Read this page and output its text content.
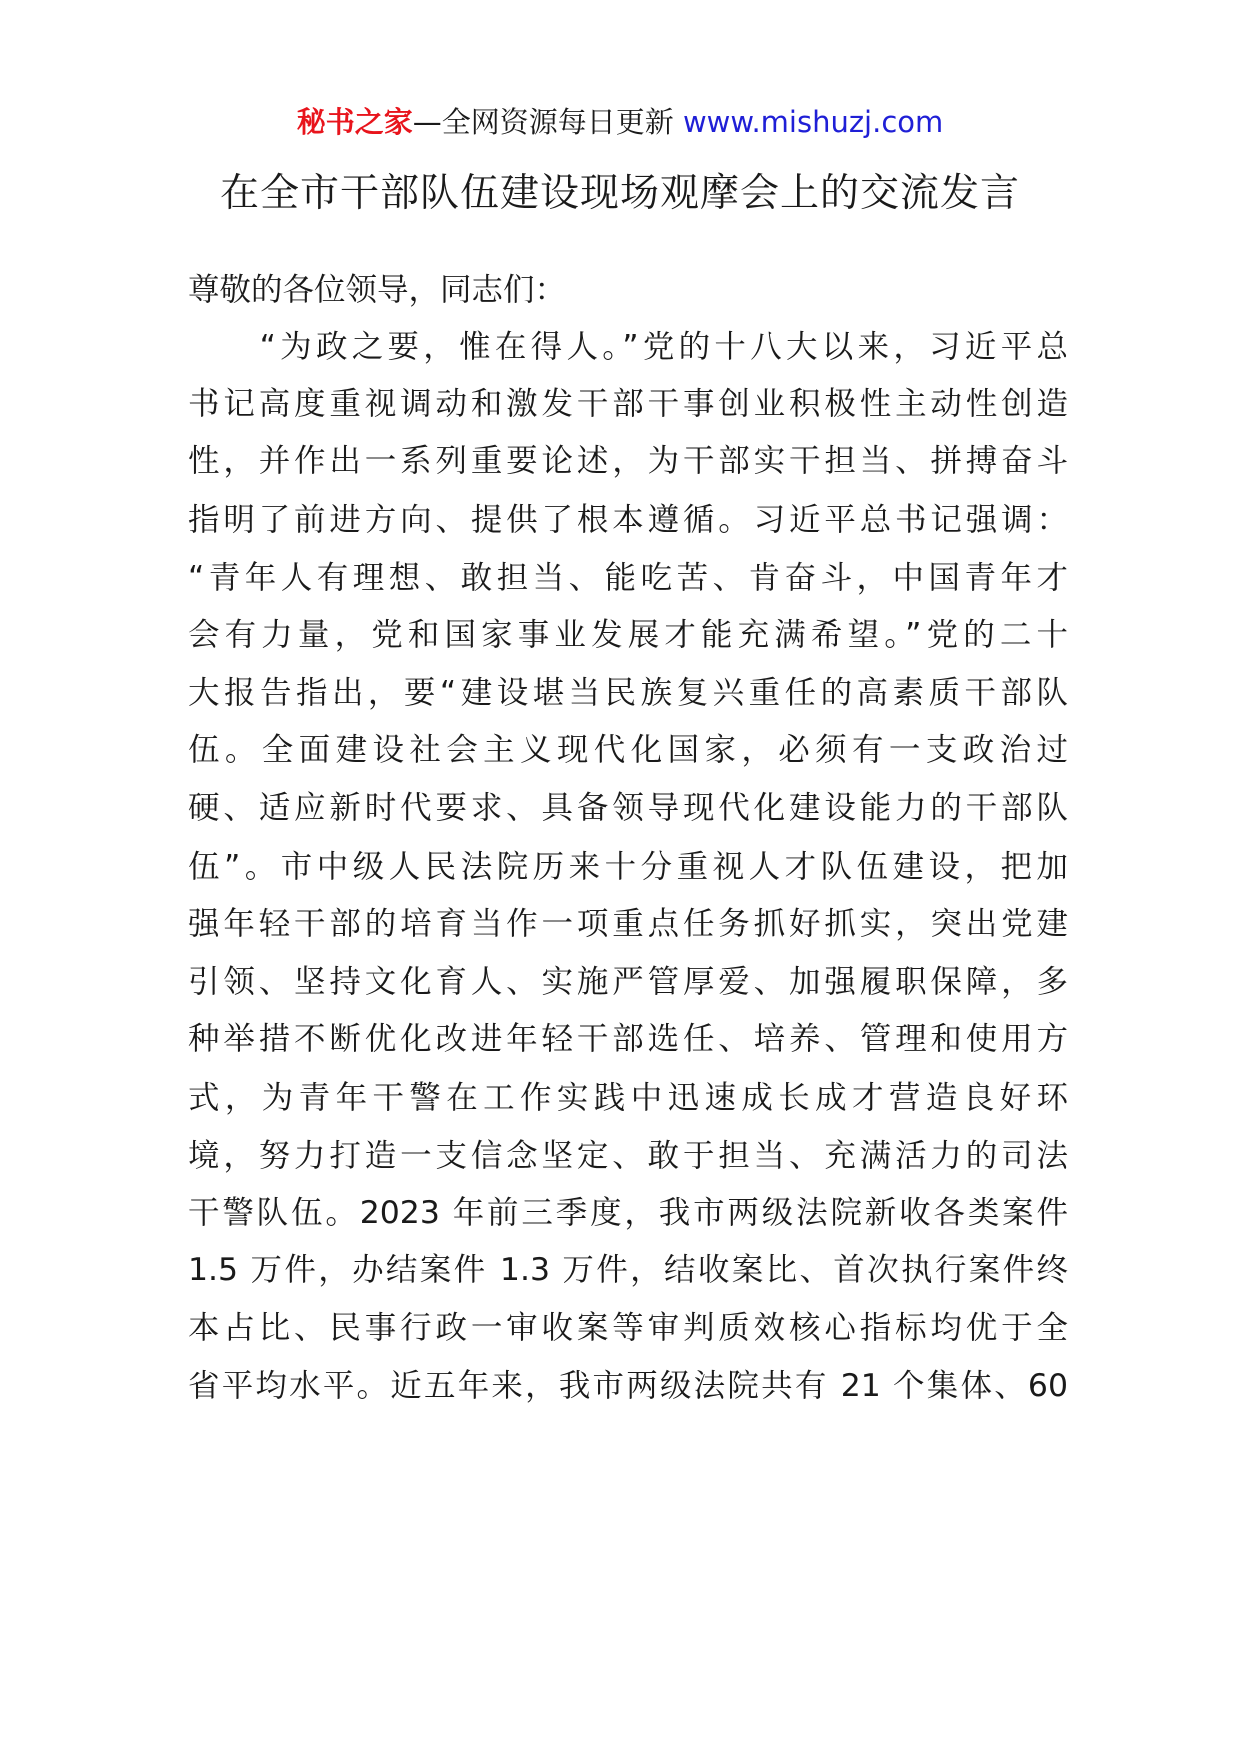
秘书之家—全网资源每日更新 www.mishuzj.com
在全市干部队伍建设现场观摩会上的交流发言
尊敬的各位领导，同志们：
　　“为政之要，惟在得人。”党的十八大以来，习近平总
书记高度重视调动和激发干部干事创业积极性主动性创造
性，并作出一系列重要论述，为干部实干担当、拼搏奋斗
指明了前进方向、提供了根本遵循。习近平总书记强调：
“青年人有理想、敢担当、能吃苦、肯奋斗，中国青年才
会有力量，党和国家事业发展才能充满希望。”党的二十
大报告指出，要“建设堪当民族复兴重任的高素质干部队
伍。全面建设社会主义现代化国家，必须有一支政治过
硬、适应新时代要求、具备领导现代化建设能力的干部队
伍”。市中级人民法院历来十分重视人才队伍建设，把加
强年轻干部的培育当作一项重点任务抓好抓实，突出党建
引领、坚持文化育人、实施严管厚爱、加强履职保障，多
种举措不断优化改进年轻干部选任、培养、管理和使用方
式，为青年干警在工作实践中迅速成长成才营造良好环
境，努力打造一支信念坚定、敢于担当、充满活力的司法
干警队伍。2023 年前三季度，我市两级法院新收各类案件
1.5 万件，办结案件 1.3 万件，结收案比、首次执行案件终
本占比、民事行政一审收案等审判质效核心指标均优于全
省平均水平。近五年来，我市两级法院共有 21 个集体、60
